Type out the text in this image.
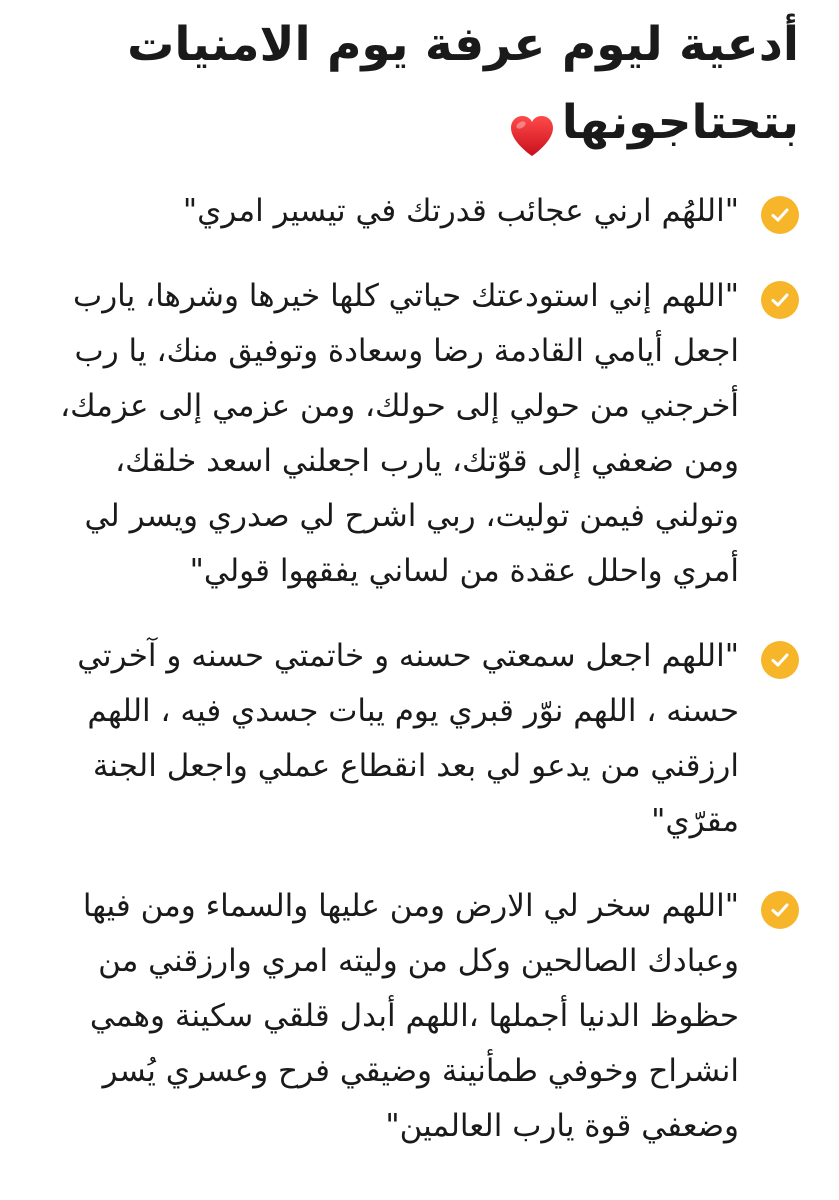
أدعية ليوم عرفة يوم الامنيات بتحتاجونها
"اللهُم ارني عجائب قدرتك في تيسير امري"
"اللهم إني استودعتك حياتي كلها خيرها وشرها، يارب اجعل أيامي القادمة رضا وسعادة وتوفيق منك، يا رب أخرجني من حولي إلى حولك، ومن عزمي إلى عزمك، ومن ضعفي إلى قوّتك، يارب اجعلني اسعد خلقك، وتولني فيمن توليت، ربي اشرح لي صدري ويسر لي أمري واحلل عقدة من لساني يفقهوا قولي"
"اللهم اجعل سمعتي حسنه و خاتمتي حسنه و آخرتي حسنه ، اللهم نوّر قبري يوم يبات جسدي فيه ، اللهم ارزقني من يدعو لي بعد انقطاع عملي واجعل الجنة مقرّي"
"اللهم سخر لي الارض ومن عليها والسماء ومن فيها وعبادك الصالحين وكل من وليته امري وارزقني من حظوظ الدنيا أجملها ،اللهم أبدل قلقي سكينة وهمي انشراح وخوفي طمأنينة وضيقي فرح وعسري يُسر وضعفي قوة يارب العالمين"
